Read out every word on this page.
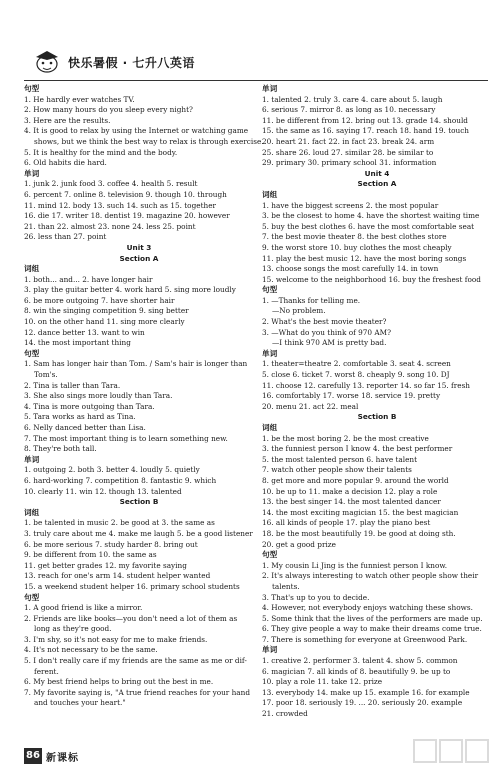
快乐暑假 · 七升八英语
句型
1. He hardly ever watches TV.
2. How many hours do you sleep every night?
3. Here are the results.
4. It is good to relax by using the Internet or watching game
shows, but we think the best way to relax is through exercise.
5. It is healthy for the mind and the body.
6. Old habits die hard.
单词
1. junk 2. junk food 3. coffee 4. health 5. result
6. percent 7. online 8. television 9. though 10. through
11. mind 12. body 13. such 14. such as 15. together
16. die 17. writer 18. dentist 19. magazine 20. however
21. than 22. almost 23. none 24. less 25. point
26. less than 27. point
Unit 3
Section A
词组
1. both... and... 2. have longer hair
3. play the guitar better 4. work hard 5. sing more loudly
6. be more outgoing 7. have shorter hair
8. win the singing competition 9. sing better
10. on the other hand 11. sing more clearly
12. dance better 13. want to win
14. the most important thing
句型
1. Sam has longer hair than Tom. / Sam's hair is longer than
Tom's.
2. Tina is taller than Tara.
3. She also sings more loudly than Tara.
4. Tina is more outgoing than Tara.
5. Tara works as hard as Tina.
6. Nelly danced better than Lisa.
7. The most important thing is to learn something new.
8. They're both tall.
单词
1. outgoing 2. both 3. better 4. loudly 5. quietly
6. hard-working 7. competition 8. fantastic 9. which
10. clearly 11. win 12. though 13. talented
Section B
词组
1. be talented in music 2. be good at 3. the same as
3. truly care about me 4. make me laugh 5. be a good listener
6. be more serious 7. study harder 8. bring out
9. be different from 10. the same as
11. get better grades 12. my favorite saying
13. reach for one's arm 14. student helper wanted
15. a weekend student helper 16. primary school students
句型
1. A good friend is like a mirror.
2. Friends are like books—you don't need a lot of them as
long as they're good.
3. I'm shy, so it's not easy for me to make friends.
4. It's not necessary to be the same.
5. I don't really care if my friends are the same as me or dif-
ferent.
6. My best friend helps to bring out the best in me.
7. My favorite saying is, "A true friend reaches for your hand
and touches your heart."
单词
1. talented 2. truly 3. care 4. care about 5. laugh
6. serious 7. mirror 8. as long as 10. necessary
11. be different from 12. bring out 13. grade 14. should
15. the same as 16. saying 17. reach 18. hand 19. touch
20. heart 21. fact 22. in fact 23. break 24. arm
25. share 26. loud 27. similar 28. be similar to
29. primary 30. primary school 31. information
Unit 4
Section A
词组
1. have the biggest screens 2. the most popular
3. be the closest to home 4. have the shortest waiting time
5. buy the best clothes 6. have the most comfortable seat
7. the best movie theater 8. the best clothes store
9. the worst store 10. buy clothes the most cheaply
11. play the best music 12. have the most boring songs
13. choose songs the most carefully 14. in town
15. welcome to the neighborhood 16. buy the freshest food
句型
1. —Thanks for telling me.
—No problem.
2. What's the best movie theater?
3. —What do you think of 970 AM?
—I think 970 AM is pretty bad.
单词
1. theater=theatre 2. comfortable 3. seat 4. screen
5. close 6. ticket 7. worst 8. cheaply 9. song 10. DJ
11. choose 12. carefully 13. reporter 14. so far 15. fresh
16. comfortably 17. worse 18. service 19. pretty
20. menu 21. act 22. meal
Section B
词组
1. be the most boring 2. be the most creative
3. the funniest person I know 4. the best performer
5. the most talented person 6. have talent
7. watch other people show their talents
8. get more and more popular 9. around the world
10. be up to 11. make a decision 12. play a role
13. the best singer 14. the most talented dancer
14. the most exciting magician 15. the best magician
16. all kinds of people 17. play the piano best
18. be the most beautifully 19. be good at doing sth.
20. get a good prize
句型
1. My cousin Li Jing is the funniest person I know.
2. It's always interesting to watch other people show their
talents.
3. That's up to you to decide.
4. However, not everybody enjoys watching these shows.
5. Some think that the lives of the performers are made up.
6. They give people a way to make their dreams come true.
7. There is something for everyone at Greenwood Park.
单词
1. creative 2. performer 3. talent 4. show 5. common
6. magician 7. all kinds of 8. beautifully 9. be up to
10. play a role 11. take 12. prize
13. everybody 14. make up 15. example 16. for example
17. poor 18. seriously 19. ... 20. seriously 20. example
21. crowded
86 新课标
